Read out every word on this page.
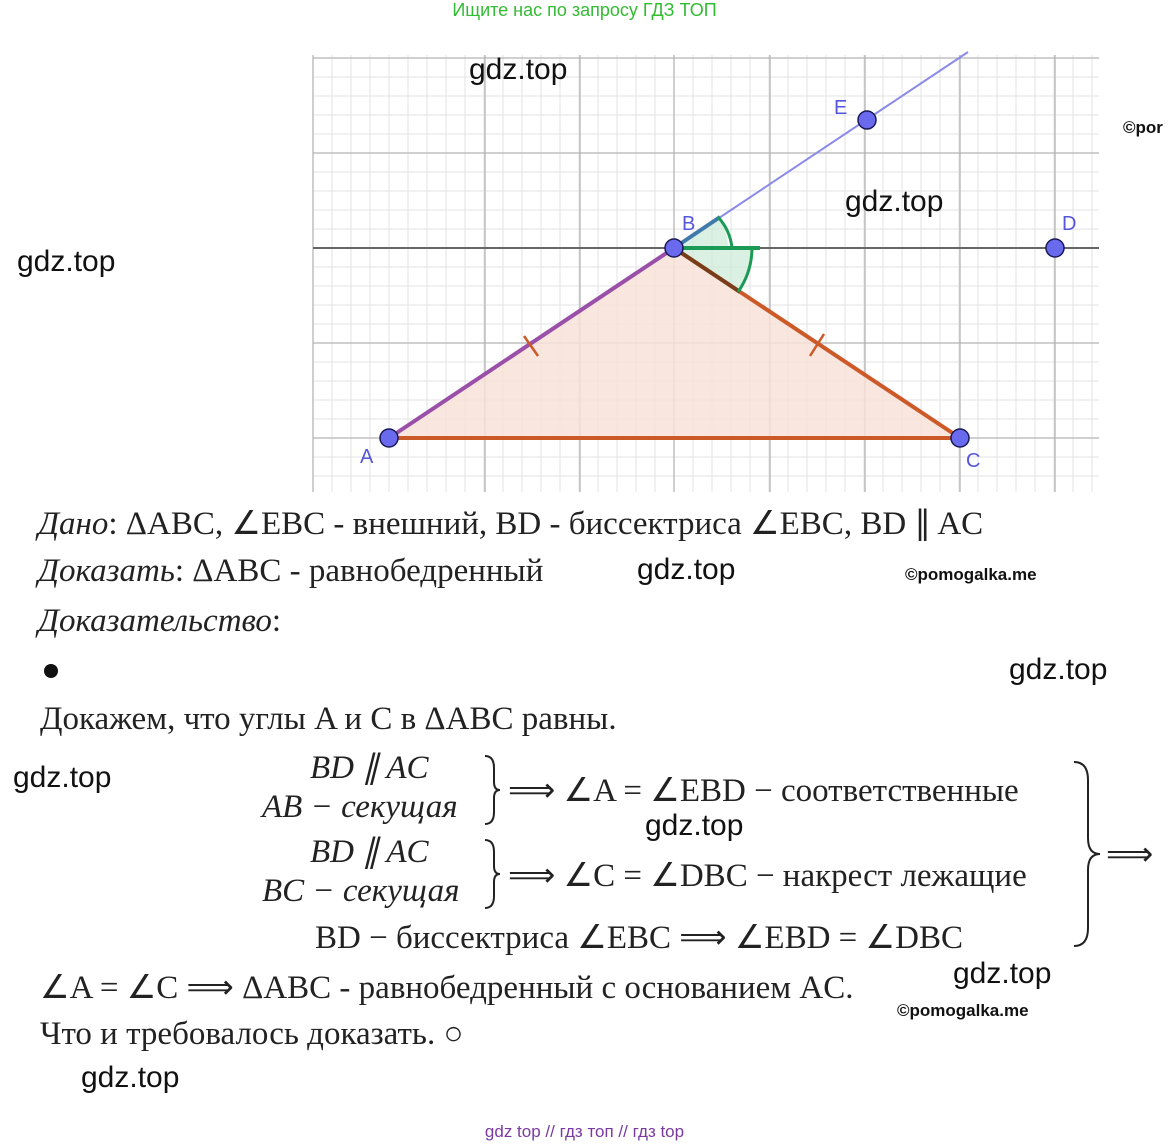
Ищите нас по запросу ГДЗ ТОП
A
B
C
D
E
gdz.top
gdz.top
gdz.top
©por
gdz.top	©pomogalka.me
gdz.top
gdz.top
gdz.top
gdz.top
©pomogalka.me
gdz.top
Дано: ΔABC, ∠EBC - внешний, BD - биссектриса ∠EBC, BD ∥ AC
Доказать: ΔABC - равнобедренный
Доказательство:
Докажем, что углы A и C в ΔABC равны.
BD ∥ AC
AB − секущая ⟹ ∠A = ∠EBD − соответственные
BD ∥ AC
BC − секущая ⟹ ∠C = ∠DBC − накрест лежащие
BD − биссектриса ∠EBC ⟹ ∠EBD = ∠DBC
⟹
∠A = ∠C ⟹ ΔABC - равнобедренный с основанием AC.
Что и требовалось доказать. ○
gdz top // гдз топ // гдз top
